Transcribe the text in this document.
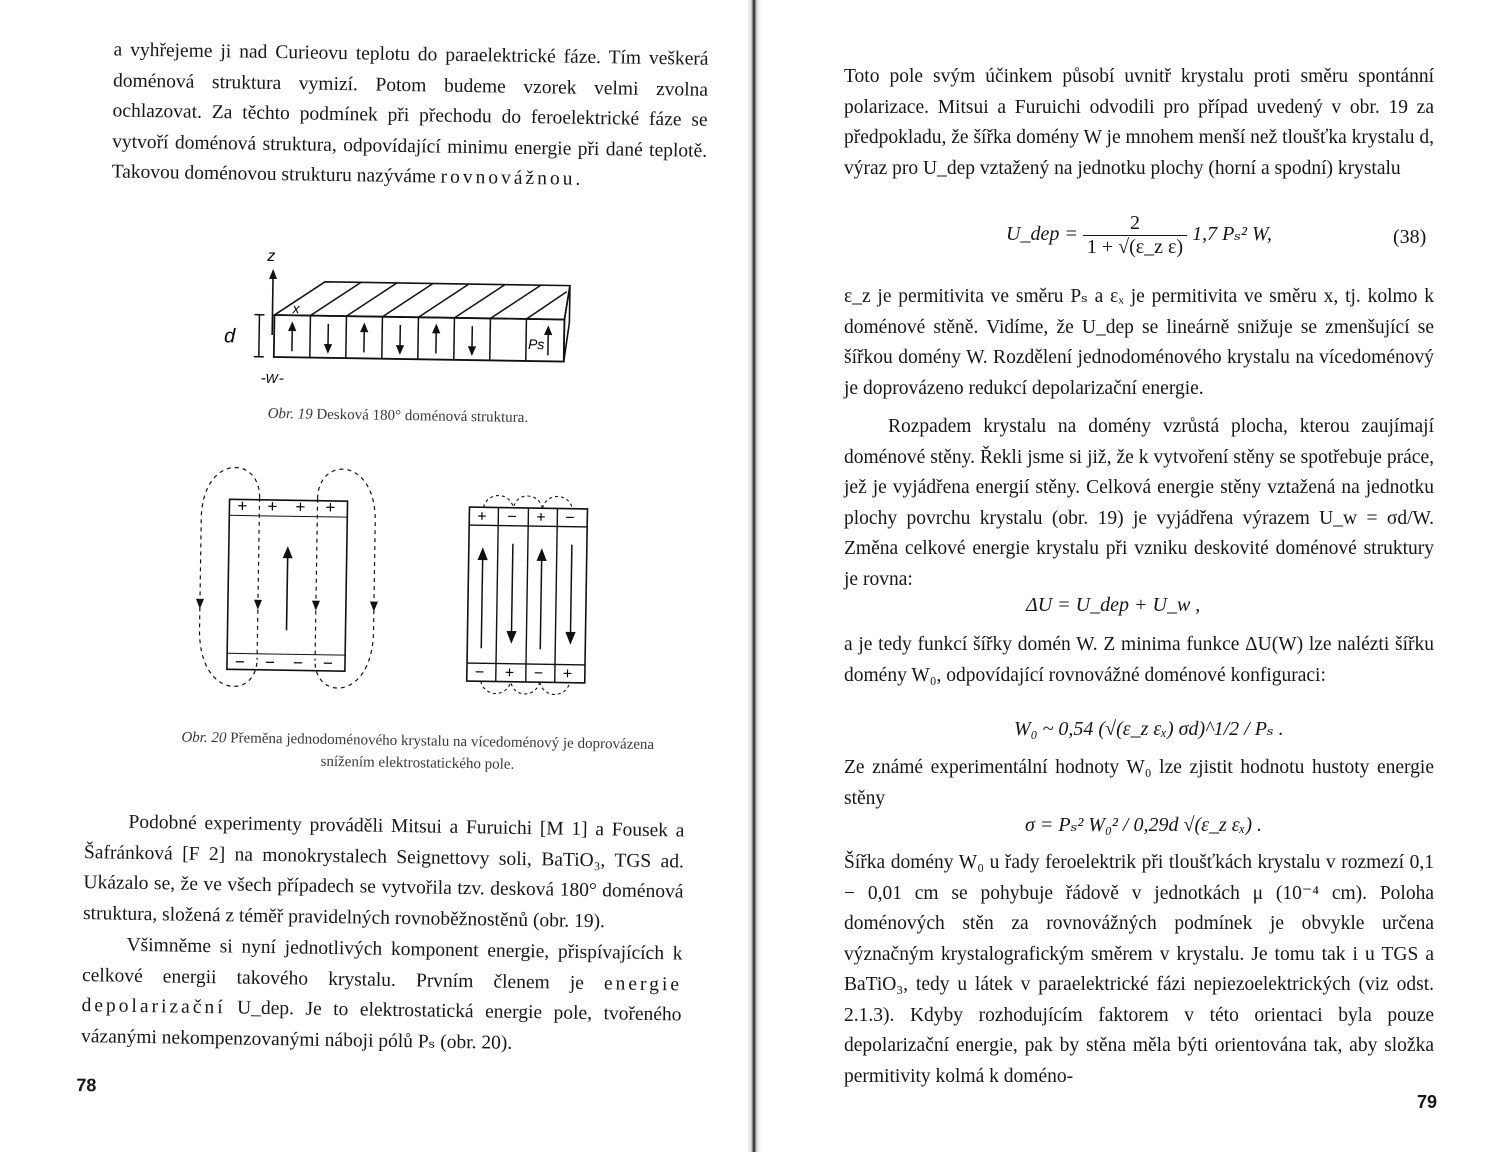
a vyhřejeme ji nad Curieovu teplotu do paraelektrické fáze. Tím veškerá doménová struktura vymizí. Potom budeme vzorek velmi zvolna ochlazovat. Za těchto podmínek při přechodu do feroelektrické fáze se vytvoří doménová struktura, odpovídající minimu energie při dané teplotě. Takovou doménovou strukturu nazýváme rovnovážnou.

z
x
Ps
d
W

Obr. 19 Desková 180° doménová struktura.

+ + + +
− − − −
+ − + −
− + − +

Obr. 20 Přeměna jednodoménového krystalu na vícedoménový je doprovázena snížením elektrostatického pole.

Podobné experimenty prováděli Mitsui a Furuichi [M 1] a Fousek a Šafránková [F 2] na monokrystalech Seignettovy soli, BaTiO₃, TGS ad. Ukázalo se, že ve všech případech se vytvořila tzv. desková 180° doménová struktura, složená z téměř pravidelných rovnoběžnostěnů (obr. 19).

Všimněme si nyní jednotlivých komponent energie, přispívajících k celkové energii takového krystalu. Prvním členem je energie depolarizační U_dep. Je to elektrostatická energie pole, tvořeného vázanými nekompenzovanými náboji pólů Pₛ (obr. 20).

78

Toto pole svým účinkem působí uvnitř krystalu proti směru spontánní polarizace. Mitsui a Furuichi odvodili pro případ uvedený v obr. 19 za předpokladu, že šířka domény W je mnohem menší než tloušťka krystalu d, výraz pro U_dep vztažený na jednotku plochy (horní a spodní) krystalu

U_dep = $\frac{2}{\text{1 + √(ε\_z ε)}} 1,7$ Pₛ² W,	(38)

ε_z je permitivita ve směru Pₛ a εₓ je permitivita ve směru x, tj. kolmo k doménové stěně. Vidíme, že U_dep se lineárně snižuje se zmenšující se šířkou domény W. Rozdělení jednodoménového krystalu na vícedoménový je doprovázeno redukcí depolarizační energie.

Rozpadem krystalu na domény vzrůstá plocha, kterou zaujímají doménové stěny. Řekli jsme si již, že k vytvoření stěny se spotřebuje práce, jež je vyjádřena energií stěny. Celková energie stěny vztažená na jednotku plochy povrchu krystalu (obr. 19) je vyjádřena výrazem U_w = σd/W. Změna celkové energie krystalu při vzniku deskovité doménové struktury je rovna:

ΔU = U_dep + U_w ,

a je tedy funkcí šířky domén W. Z minima funkce ΔU(W) lze nalézti šířku domény W₀, odpovídající rovnovážné doménové konfiguraci:

W₀ ~ 0,54 (√(ε_z εₓ) σd)^1/2 / Pₛ .

Ze známé experimentální hodnoty W₀ lze zjistit hodnotu hustoty energie stěny

σ = Pₛ² W₀² / 0,29d √(ε_z εₓ) .

Šířka domény W₀ u řady feroelektrik při tloušťkách krystalu v rozmezí 0,1 − 0,01 cm se pohybuje řádově v jednotkách μ (10⁻⁴ cm). Poloha doménových stěn za rovnovážných podmínek je obvykle určena význačným krystalografickým směrem v krystalu. Je tomu tak i u TGS a BaTiO₃, tedy u látek v paraelektrické fázi nepiezoelektrických (viz odst. 2.1.3). Kdyby rozhodujícím faktorem v této orientaci byla pouze depolarizační energie, pak by stěna měla býti orientována tak, aby složka permitivity kolmá k doméno-

79
